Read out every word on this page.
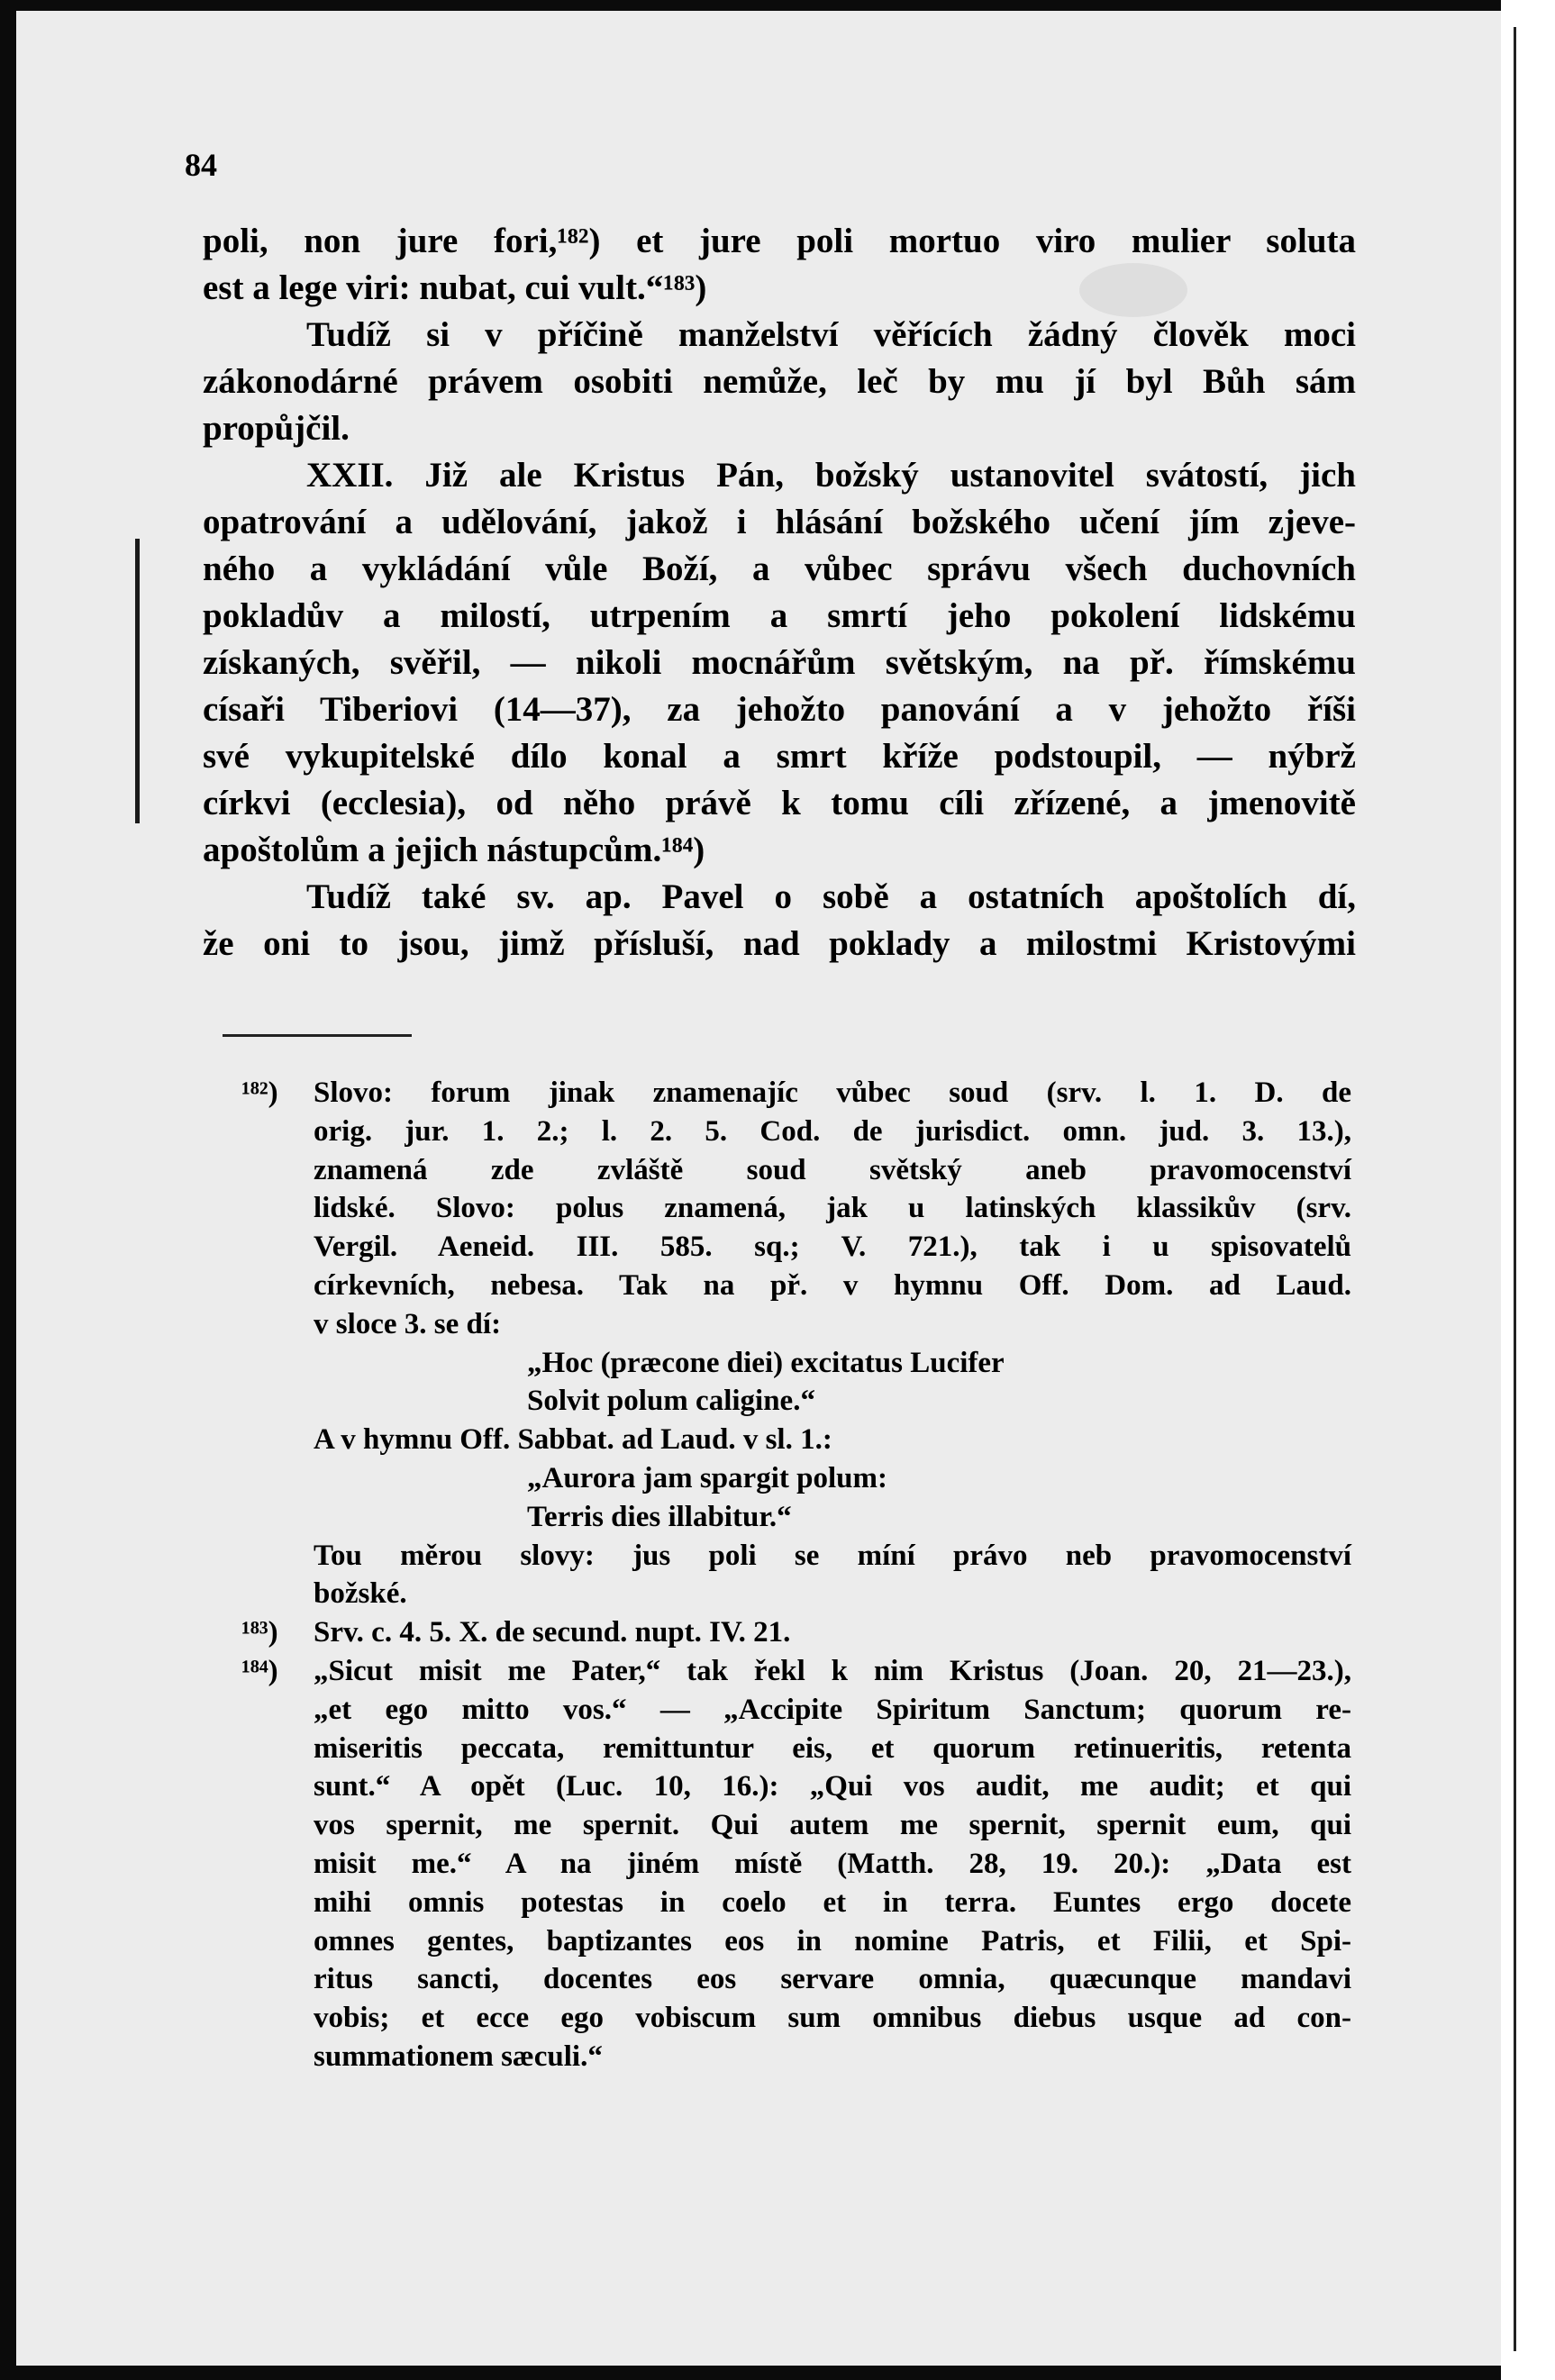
84
poli, non jure fori,¹⁸²) et jure poli mortuo viro mulier soluta
est a lege viri: nubat, cui vult.“¹⁸³)
Tudíž si v příčině manželství věřících žádný člověk moci
zákonodárné právem osobiti nemůže, leč by mu jí byl Bůh sám
propůjčil.
XXII. Již ale Kristus Pán, božský ustanovitel svátostí, jich
opatrování a udělování, jakož i hlásání božského učení jím zjeve-
ného a vykládání vůle Boží, a vůbec správu všech duchovních
pokladův a milostí, utrpením a smrtí jeho pokolení lidskému
získaných, svěřil, — nikoli mocnářům světským, na př. římskému
císaři Tiberiovi (14—37), za jehožto panování a v jehožto říši
své vykupitelské dílo konal a smrt kříže podstoupil, — nýbrž
církvi (ecclesia), od něho právě k tomu cíli zřízené, a jmenovitě
apoštolům a jejich nástupcům.¹⁸⁴)
Tudíž také sv. ap. Pavel o sobě a ostatních apoštolích dí,
že oni to jsou, jimž přísluší, nad poklady a milostmi Kristovými
¹⁸²) Slovo: forum jinak znamenajíc vůbec soud (srv. l. 1. D. de
orig. jur. 1. 2.; l. 2. 5. Cod. de jurisdict. omn. jud. 3. 13.),
znamená zde zvláště soud světský aneb pravomocenství
lidské. Slovo: polus znamená, jak u latinských klassikův (srv.
Vergil. Aeneid. III. 585. sq.; V. 721.), tak i u spisovatelů
církevních, nebesa. Tak na př. v hymnu Off. Dom. ad Laud.
v sloce 3. se dí:
„Hoc (præcone diei) excitatus Lucifer
Solvit polum caligine.“
A v hymnu Off. Sabbat. ad Laud. v sl. 1.:
„Aurora jam spargit polum:
Terris dies illabitur.“
Tou měrou slovy: jus poli se míní právo neb pravomocenství
božské.
¹⁸³) Srv. c. 4. 5. X. de secund. nupt. IV. 21.
¹⁸⁴) „Sicut misit me Pater,“ tak řekl k nim Kristus (Joan. 20, 21—23.),
„et ego mitto vos.“ — „Accipite Spiritum Sanctum; quorum re-
miseritis peccata, remittuntur eis, et quorum retinueritis, retenta
sunt.“ A opět (Luc. 10, 16.): „Qui vos audit, me audit; et qui
vos spernit, me spernit. Qui autem me spernit, spernit eum, qui
misit me.“ A na jiném místě (Matth. 28, 19. 20.): „Data est
mihi omnis potestas in coelo et in terra. Euntes ergo docete
omnes gentes, baptizantes eos in nomine Patris, et Filii, et Spi-
ritus sancti, docentes eos servare omnia, quæcunque mandavi
vobis; et ecce ego vobiscum sum omnibus diebus usque ad con-
summationem sæculi.“
